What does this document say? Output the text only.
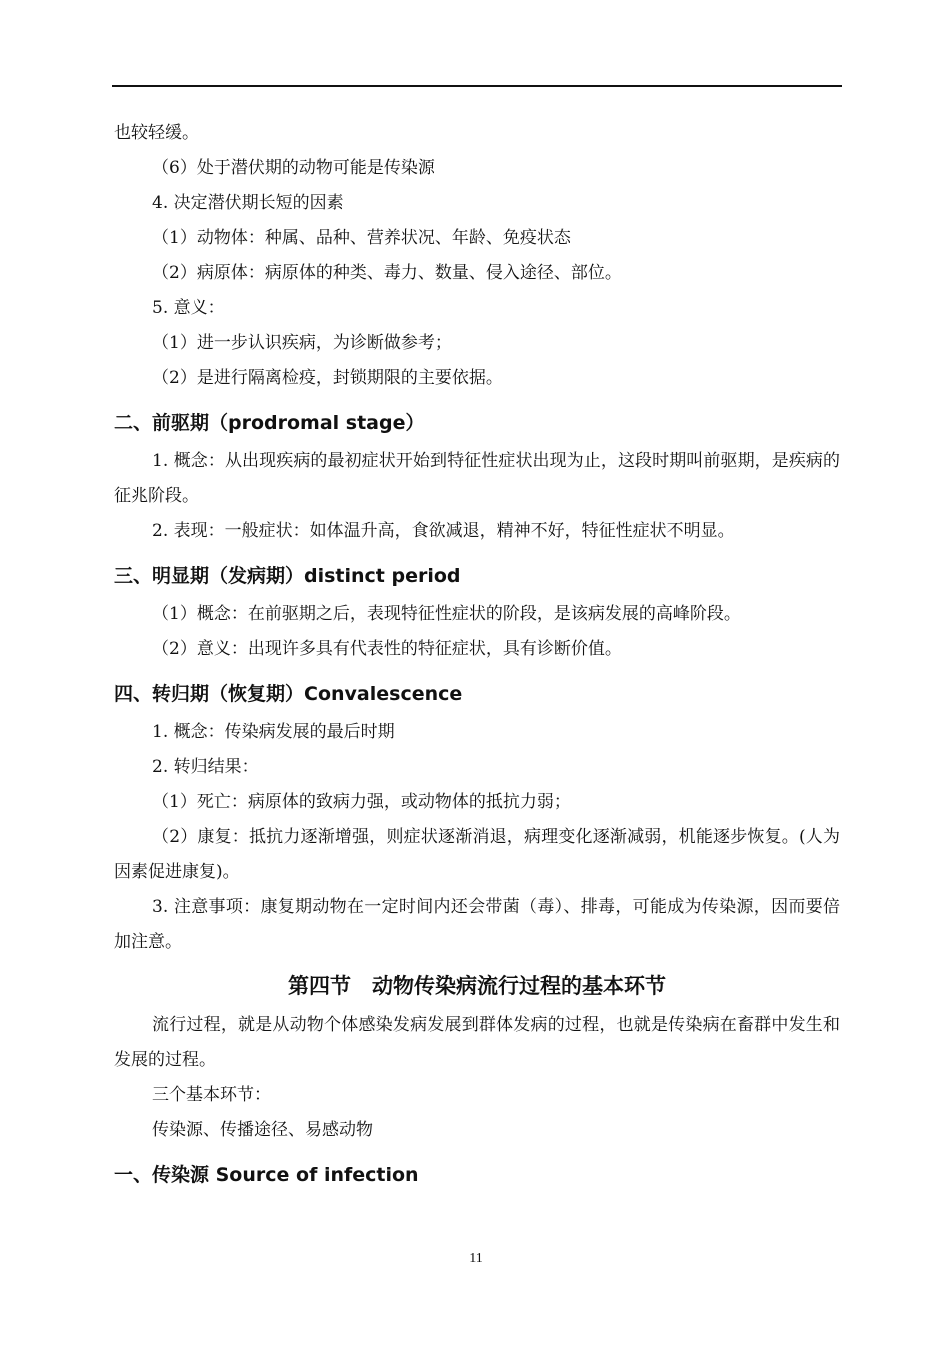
也较轻缓。

（6）处于潜伏期的动物可能是传染源

4. 决定潜伏期长短的因素

（1）动物体：种属、品种、营养状况、年龄、免疫状态

（2）病原体：病原体的种类、毒力、数量、侵入途径、部位。

5. 意义：

（1）进一步认识疾病，为诊断做参考；

（2）是进行隔离检疫，封锁期限的主要依据。

二、前驱期（prodromal stage）

1. 概念：从出现疾病的最初症状开始到特征性症状出现为止，这段时期叫前驱期，是疾病的征兆阶段。

2. 表现：一般症状：如体温升高，食欲减退，精神不好，特征性症状不明显。

三、明显期（发病期）distinct period

（1）概念：在前驱期之后，表现特征性症状的阶段，是该病发展的高峰阶段。

（2）意义：出现许多具有代表性的特征症状，具有诊断价值。

四、转归期（恢复期）Convalescence

1. 概念：传染病发展的最后时期

2. 转归结果：

（1）死亡：病原体的致病力强，或动物体的抵抗力弱；

（2）康复：抵抗力逐渐增强，则症状逐渐消退，病理变化逐渐减弱，机能逐步恢复。(人为因素促进康复)。

3. 注意事项：康复期动物在一定时间内还会带菌（毒）、排毒，可能成为传染源，因而要倍加注意。

第四节　动物传染病流行过程的基本环节

流行过程，就是从动物个体感染发病发展到群体发病的过程，也就是传染病在畜群中发生和发展的过程。

三个基本环节：

传染源、传播途径、易感动物

一、传染源 Source of infection
11
